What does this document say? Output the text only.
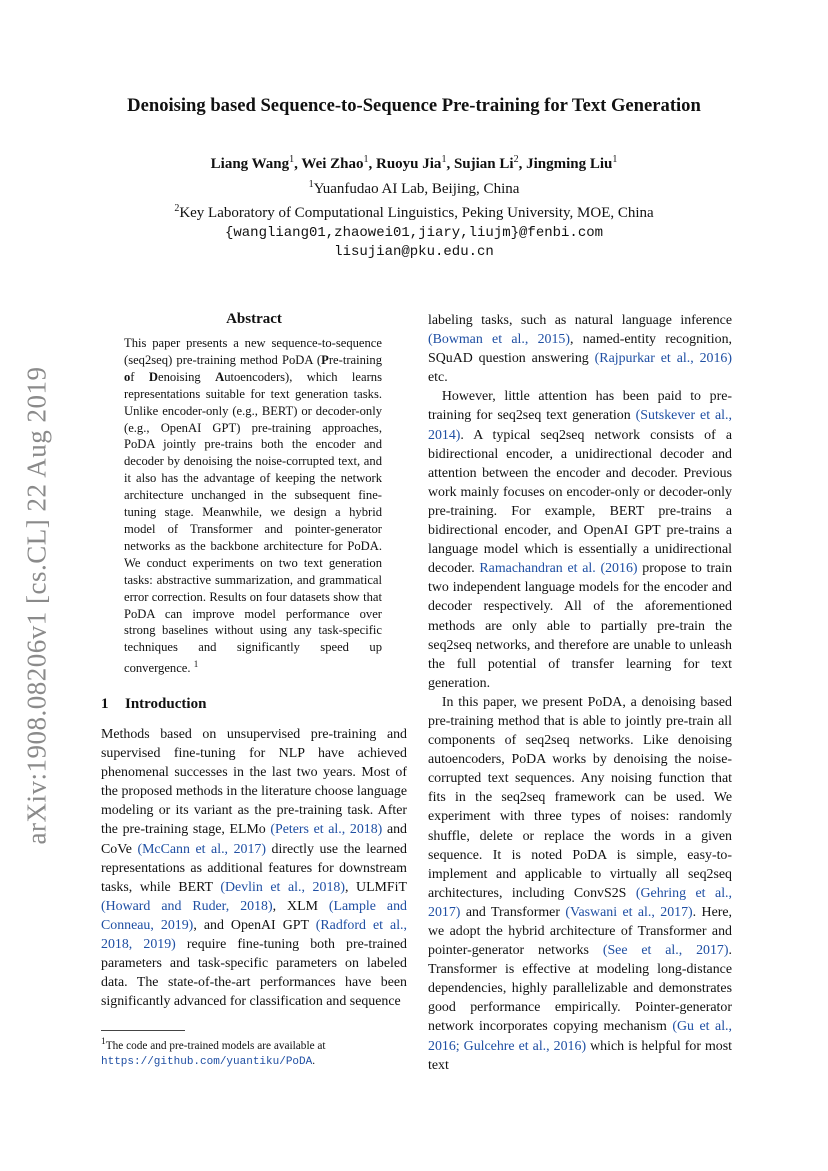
arXiv:1908.08206v1 [cs.CL] 22 Aug 2019
Denoising based Sequence-to-Sequence Pre-training for Text Generation
Liang Wang$^1$, Wei Zhao$^1$, Ruoyu Jia$^1$, Sujian Li$^2$, Jingming Liu$^1$
$^1$Yuanfudao AI Lab, Beijing, China
$^2$Key Laboratory of Computational Linguistics, Peking University, MOE, China
{wangliang01,zhaowei01,jiary,liujm}@fenbi.com
lisujian@pku.edu.cn
Abstract

This paper presents a new sequence-to-sequence (seq2seq) pre-training method PoDA (Pre-training of Denoising Autoencoders), which learns representations suitable for text generation tasks. Unlike encoder-only (e.g., BERT) or decoder-only (e.g., OpenAI GPT) pre-training approaches, PoDA jointly pre-trains both the encoder and decoder by denoising the noise-corrupted text, and it also has the advantage of keeping the network architecture unchanged in the subsequent fine-tuning stage. Meanwhile, we design a hybrid model of Transformer and pointer-generator networks as the backbone architecture for PoDA. We conduct experiments on two text generation tasks: abstractive summarization, and grammatical error correction. Results on four datasets show that PoDA can improve model performance over strong baselines without using any task-specific techniques and significantly speed up convergence. $^1$

1 Introduction

Methods based on unsupervised pre-training and supervised fine-tuning for NLP have achieved phenomenal successes in the last two years. Most of the proposed methods in the literature choose language modeling or its variant as the pre-training task. After the pre-training stage, ELMo (Peters et al., 2018) and CoVe (McCann et al., 2017) directly use the learned representations as additional features for downstream tasks, while BERT (Devlin et al., 2018), ULMFiT (Howard and Ruder, 2018), XLM (Lample and Conneau, 2019), and OpenAI GPT (Radford et al., 2018, 2019) require fine-tuning both pre-trained parameters and task-specific parameters on labeled data. The state-of-the-art performances have been significantly advanced for classification and sequence

labeling tasks, such as natural language inference (Bowman et al., 2015), named-entity recognition, SQuAD question answering (Rajpurkar et al., 2016) etc.

However, little attention has been paid to pre-training for seq2seq text generation (Sutskever et al., 2014). A typical seq2seq network consists of a bidirectional encoder, a unidirectional decoder and attention between the encoder and decoder. Previous work mainly focuses on encoder-only or decoder-only pre-training. For example, BERT pre-trains a bidirectional encoder, and OpenAI GPT pre-trains a language model which is essentially a unidirectional decoder. Ramachandran et al. (2016) propose to train two independent language models for the encoder and decoder respectively. All of the aforementioned methods are only able to partially pre-train the seq2seq networks, and therefore are unable to unleash the full potential of transfer learning for text generation.

In this paper, we present PoDA, a denoising based pre-training method that is able to jointly pre-train all components of seq2seq networks. Like denoising autoencoders, PoDA works by denoising the noise-corrupted text sequences. Any noising function that fits in the seq2seq framework can be used. We experiment with three types of noises: randomly shuffle, delete or replace the words in a given sequence. It is noted PoDA is simple, easy-to-implement and applicable to virtually all seq2seq architectures, including ConvS2S (Gehring et al., 2017) and Transformer (Vaswani et al., 2017). Here, we adopt the hybrid architecture of Transformer and pointer-generator networks (See et al., 2017). Transformer is effective at modeling long-distance dependencies, highly parallelizable and demonstrates good performance empirically. Pointer-generator network incorporates copying mechanism (Gu et al., 2016; Gulcehre et al., 2016) which is helpful for most text

$^1$The code and pre-trained models are available at https://github.com/yuantiku/PoDA.
